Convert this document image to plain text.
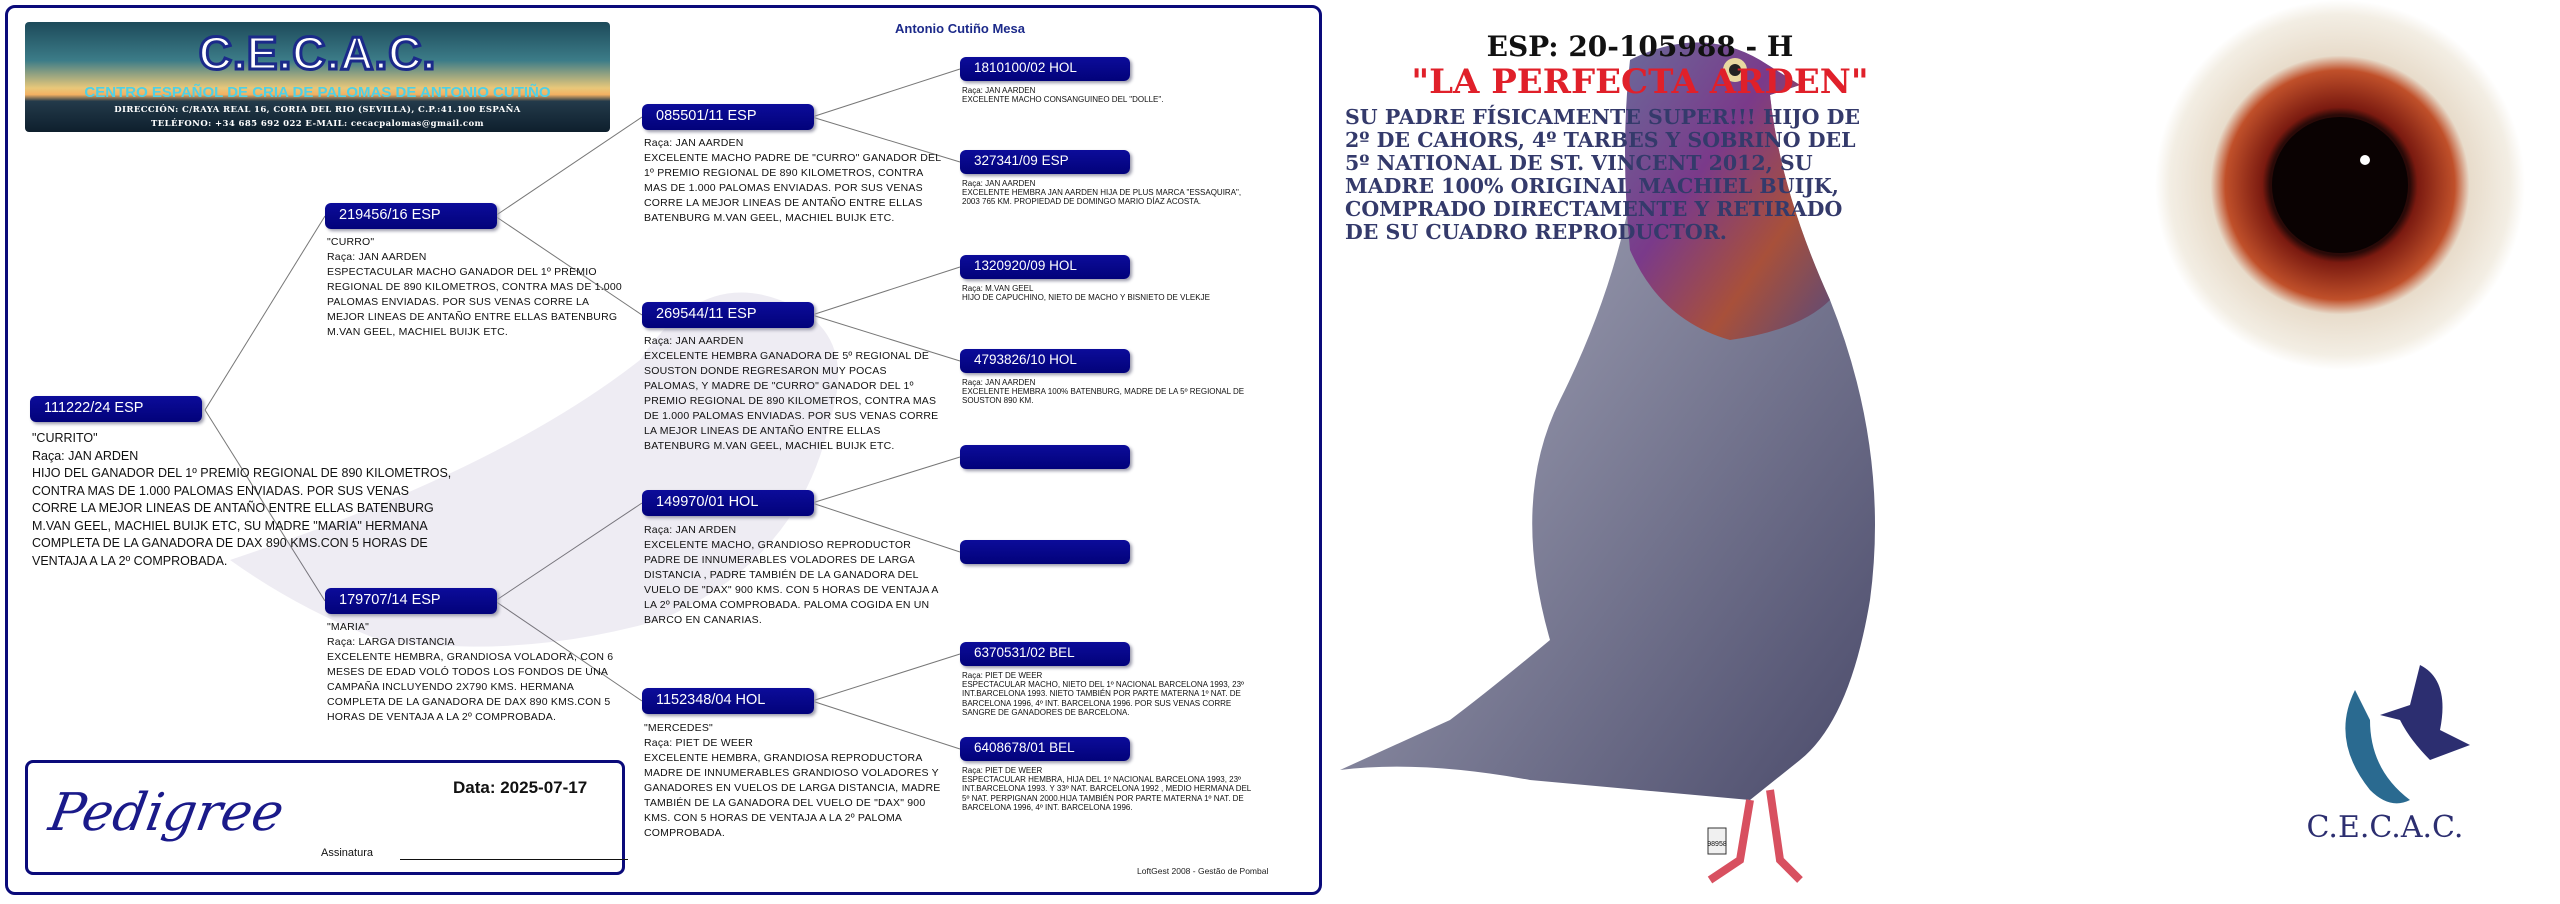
C.E.C.A.C.
CENTRO ESPAÑOL DE CRIA DE PALOMAS DE ANTONIO CUTIÑO
DIRECCIÓN: C/RAYA REAL 16, CORIA DEL RIO (SEVILLA), C.P.:41.100 ESPAÑA
TELÉFONO: +34 685 692 022 E-MAIL: cecacpalomas@gmail.com
Antonio Cutiño Mesa
111222/24 ESP
"CURRITO"
Raça: JAN ARDEN
HIJO DEL GANADOR DEL 1º PREMIO REGIONAL DE 890 KILOMETROS, CONTRA MAS DE 1.000 PALOMAS ENVIADAS. POR SUS VENAS CORRE LA MEJOR LINEAS DE ANTAÑO ENTRE ELLAS BATENBURG M.VAN GEEL, MACHIEL BUIJK ETC, SU MADRE "MARIA" HERMANA COMPLETA DE LA GANADORA DE DAX 890 KMS.CON 5 HORAS DE VENTAJA A LA 2º COMPROBADA.
219456/16 ESP
"CURRO"
Raça: JAN AARDEN
ESPECTACULAR MACHO GANADOR DEL 1º PREMIO REGIONAL DE 890 KILOMETROS, CONTRA MAS DE 1.000 PALOMAS ENVIADAS. POR SUS VENAS CORRE LA MEJOR LINEAS DE ANTAÑO ENTRE ELLAS BATENBURG M.VAN GEEL, MACHIEL BUIJK ETC.
179707/14 ESP
"MARIA"
Raça: LARGA DISTANCIA
EXCELENTE HEMBRA, GRANDIOSA VOLADORA, CON 6 MESES DE EDAD VOLÓ TODOS LOS FONDOS DE UNA CAMPAÑA INCLUYENDO 2X790 KMS. HERMANA COMPLETA DE LA GANADORA DE DAX 890 KMS.CON 5 HORAS DE VENTAJA A LA 2º COMPROBADA.
085501/11 ESP
Raça: JAN AARDEN
EXCELENTE MACHO PADRE DE "CURRO" GANADOR DEL 1º PREMIO REGIONAL DE 890 KILOMETROS, CONTRA MAS DE 1.000 PALOMAS ENVIADAS. POR SUS VENAS CORRE LA MEJOR LINEAS DE ANTAÑO ENTRE ELLAS BATENBURG M.VAN GEEL, MACHIEL BUIJK ETC.
269544/11 ESP
Raça: JAN AARDEN
EXCELENTE HEMBRA GANADORA DE 5º REGIONAL DE SOUSTON DONDE REGRESARON MUY POCAS PALOMAS, Y MADRE DE "CURRO" GANADOR DEL 1º PREMIO REGIONAL DE 890 KILOMETROS, CONTRA MAS DE 1.000 PALOMAS ENVIADAS. POR SUS VENAS CORRE LA MEJOR LINEAS DE ANTAÑO ENTRE ELLAS BATENBURG M.VAN GEEL, MACHIEL BUIJK ETC.
149970/01 HOL
Raça: JAN ARDEN
EXCELENTE MACHO, GRANDIOSO REPRODUCTOR PADRE DE INNUMERABLES VOLADORES DE LARGA DISTANCIA , PADRE TAMBIÉN DE LA GANADORA DEL VUELO DE "DAX" 900 KMS. CON 5 HORAS DE VENTAJA A LA 2º PALOMA COMPROBADA. PALOMA COGIDA EN UN BARCO EN CANARIAS.
1152348/04 HOL
"MERCEDES"
Raça: PIET DE WEER
EXCELENTE HEMBRA, GRANDIOSA REPRODUCTORA MADRE DE INNUMERABLES GRANDIOSO VOLADORES Y GANADORES EN VUELOS DE LARGA DISTANCIA, MADRE TAMBIÉN DE LA GANADORA DEL VUELO DE "DAX" 900 KMS. CON 5 HORAS DE VENTAJA A LA 2º PALOMA COMPROBADA.
1810100/02 HOL
Raça: JAN AARDEN
EXCELENTE MACHO CONSANGUINEO DEL "DOLLE".
327341/09 ESP
Raça: JAN AARDEN
EXCELENTE HEMBRA JAN AARDEN HIJA DE PLUS MARCA "ESSAQUIRA", 2003 765 KM. PROPIEDAD DE DOMINGO MARIO DÍAZ ACOSTA.
1320920/09 HOL
Raça: M.VAN GEEL
HIJO DE CAPUCHINO, NIETO DE MACHO Y BISNIETO DE VLEKJE
4793826/10 HOL
Raça: JAN AARDEN
EXCELENTE HEMBRA 100% BATENBURG, MADRE DE LA 5º REGIONAL DE SOUSTON 890 KM.
6370531/02 BEL
Raça: PIET DE WEER
ESPECTACULAR MACHO, NIETO DEL 1º NACIONAL BARCELONA 1993, 23º INT.BARCELONA 1993. NIETO TAMBIÉN POR PARTE MATERNA 1º NAT. DE BARCELONA 1996, 4º INT. BARCELONA 1996. POR SUS VENAS CORRE SANGRE DE GANADORES DE BARCELONA.
6408678/01 BEL
Raça: PIET DE WEER
ESPECTACULAR HEMBRA, HIJA DEL 1º NACIONAL BARCELONA 1993, 23º INT.BARCELONA 1993. Y 33º NAT. BARCELONA 1992 , MEDIO HERMANA DEL 5º NAT. PERPIGNAN 2000.HIJA TAMBIÉN POR PARTE MATERNA 1º NAT. DE BARCELONA 1996, 4º INT. BARCELONA 1996.
Pedigree	Data: 2025-07-17
Assinatura
LoftGest 2008 - Gestão de Pombal
98958
ESP: 20-105988 - H
"LA PERFECTA ARDEN"
SU PADRE FÍSICAMENTE SUPER!!! HIJO DE 2º DE CAHORS, 4º TARBES Y SOBRINO DEL 5º NATIONAL DE ST. VINCENT 2012, SU MADRE 100% ORIGINAL MACHIEL BUIJK, COMPRADO DIRECTAMENTE Y RETIRADO DE SU CUADRO REPRODUCTOR.
C.E.C.A.C.
